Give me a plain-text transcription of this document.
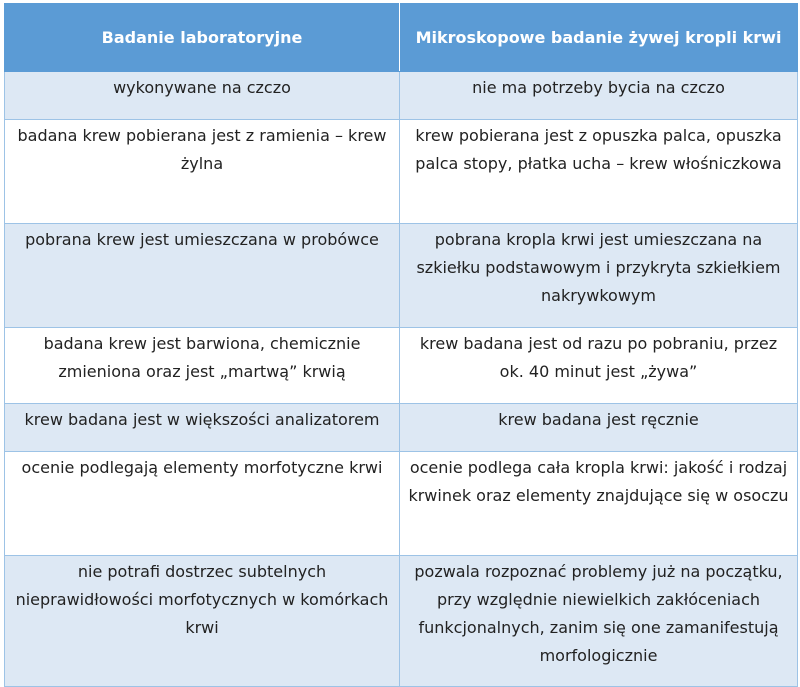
Badanie laboratoryjne	Mikroskopowe badanie żywej kropli krwi
wykonywane na czczo	nie ma potrzeby bycia na czczo
badana krew pobierana jest z ramienia – krew żylna	krew pobierana jest z opuszka palca, opuszka palca stopy, płatka ucha – krew włośniczkowa
pobrana krew jest umieszczana w probówce	pobrana kropla krwi jest umieszczana na szkiełku podstawowym i przykryta szkiełkiem nakrywkowym
badana krew jest barwiona, chemicznie zmieniona oraz jest „martwą” krwią	krew badana jest od razu po pobraniu, przez ok. 40 minut jest „żywa”
krew badana jest w większości analizatorem	krew badana jest ręcznie
ocenie podlegają elementy morfotyczne krwi	ocenie podlega cała kropla krwi: jakość i rodzaj krwinek oraz elementy znajdujące się w osoczu
nie potrafi dostrzec subtelnych nieprawidłowości morfotycznych w komórkach krwi	pozwala rozpoznać problemy już na początku, przy względnie niewielkich zakłóceniach funkcjonalnych, zanim się one zamanifestują morfologicznie
